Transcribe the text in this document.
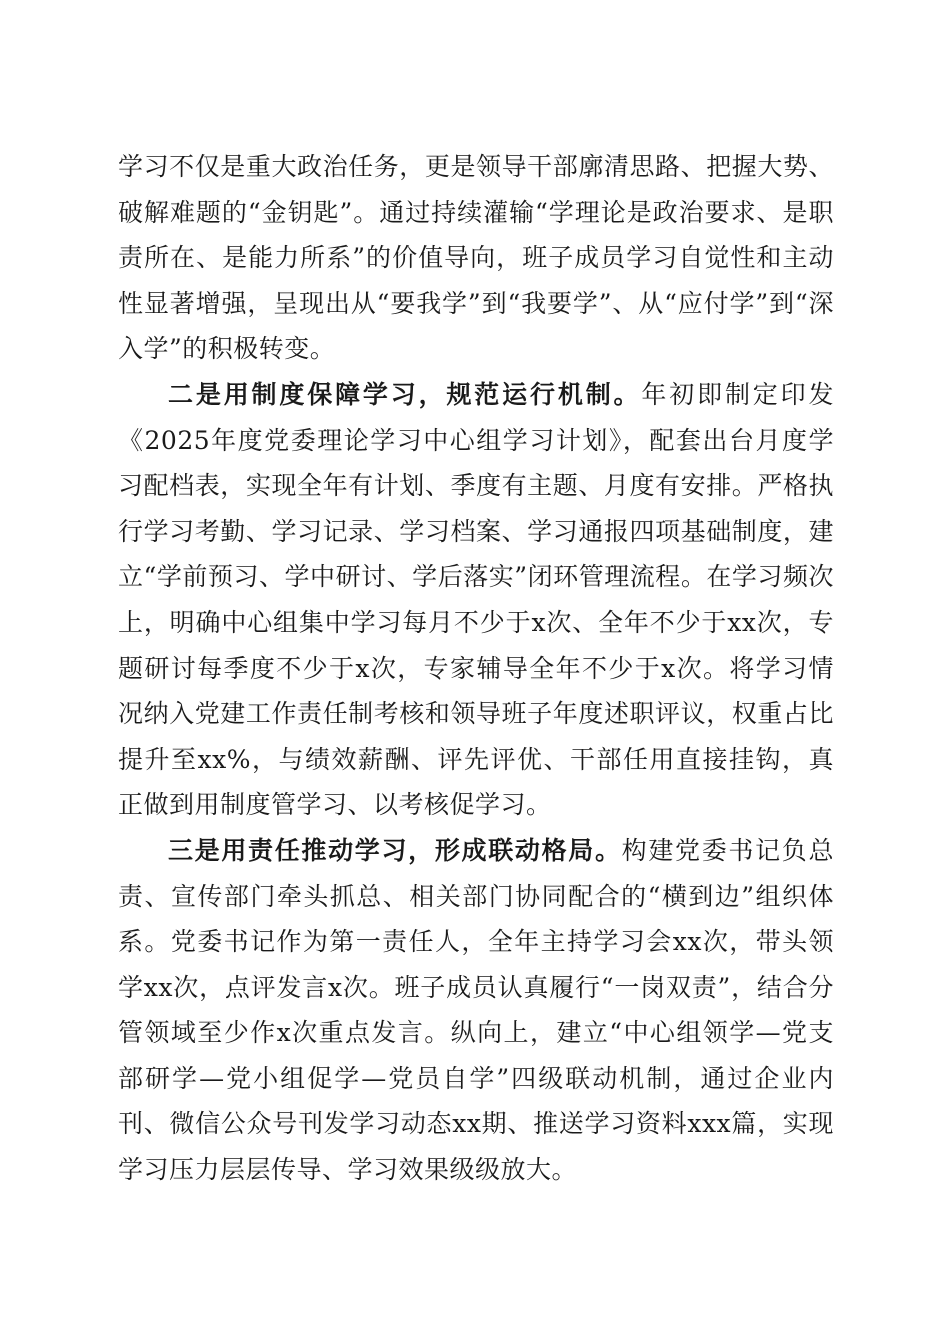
学习不仅是重大政治任务，更是领导干部廓清思路、把握大势、破解难题的“金钥匙”。通过持续灌输“学理论是政治要求、是职责所在、是能力所系”的价值导向，班子成员学习自觉性和主动性显著增强，呈现出从“要我学”到“我要学”、从“应付学”到“深入学”的积极转变。

二是用制度保障学习，规范运行机制。年初即制定印发《2025年度党委理论学习中心组学习计划》，配套出台月度学习配档表，实现全年有计划、季度有主题、月度有安排。严格执行学习考勤、学习记录、学习档案、学习通报四项基础制度，建立“学前预习、学中研讨、学后落实”闭环管理流程。在学习频次上，明确中心组集中学习每月不少于x次、全年不少于xx次，专题研讨每季度不少于x次，专家辅导全年不少于x次。将学习情况纳入党建工作责任制考核和领导班子年度述职评议，权重占比提升至xx%，与绩效薪酬、评先评优、干部任用直接挂钩，真正做到用制度管学习、以考核促学习。

三是用责任推动学习，形成联动格局。构建党委书记负总责、宣传部门牵头抓总、相关部门协同配合的“横到边”组织体系。党委书记作为第一责任人，全年主持学习会xx次，带头领学xx次，点评发言x次。班子成员认真履行“一岗双责”，结合分管领域至少作x次重点发言。纵向上，建立“中心组领学—党支部研学—党小组促学—党员自学”四级联动机制，通过企业内刊、微信公众号刊发学习动态xx期、推送学习资料xxx篇，实现学习压力层层传导、学习效果级级放大。
